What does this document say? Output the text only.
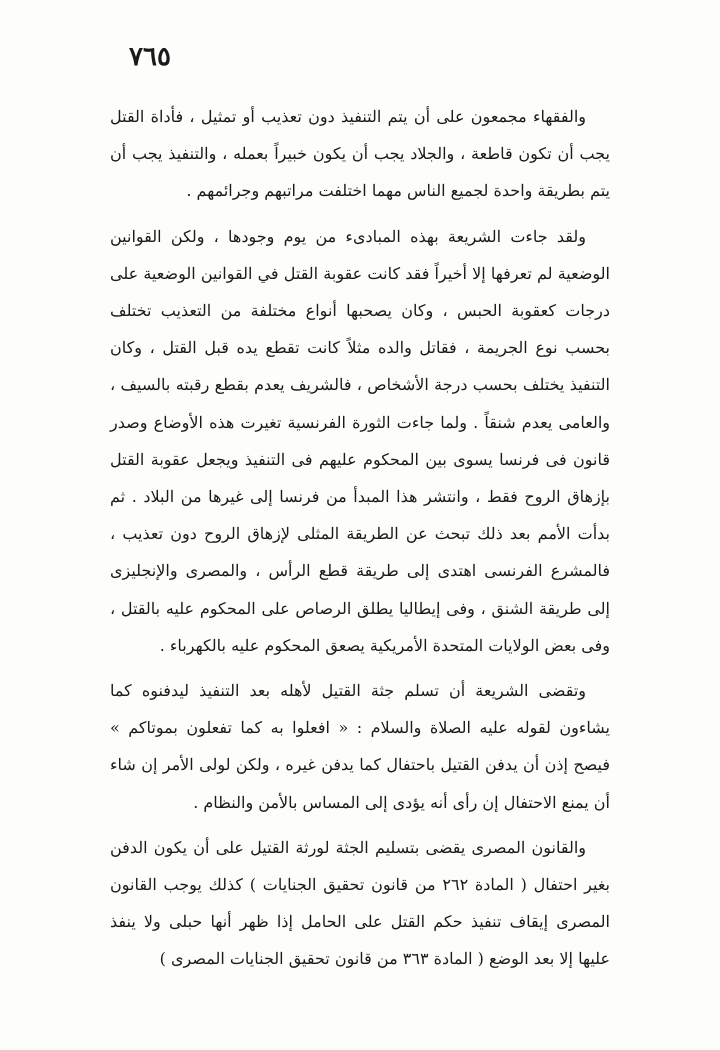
٧٦٥

والفقهاء مجمعون على أن يتم التنفيذ دون تعذيب أو تمثيل ، فأداة القتل يجب أن تكون قاطعة ، والجلاد يجب أن يكون خبيراً بعمله ، والتنفيذ يجب أن يتم بطريقة واحدة لجميع الناس مهما اختلفت مراتبهم وجرائمهم .

ولقد جاءت الشريعة بهذه المبادىء من يوم وجودها ، ولكن القوانين الوضعية لم تعرفها إلا أخيراً فقد كانت عقوبة القتل في القوانين الوضعية على درجات كعقوبة الحبس ، وكان يصحبها أنواع مختلفة من التعذيب تختلف بحسب نوع الجريمة ، فقاتل والده مثلاً كانت تقطع يده قبل القتل ، وكان التنفيذ يختلف بحسب درجة الأشخاص ، فالشريف يعدم بقطع رقبته بالسيف ، والعامى يعدم شنقاً . ولما جاءت الثورة الفرنسية تغيرت هذه الأوضاع وصدر قانون فى فرنسا يسوى بين المحكوم عليهم فى التنفيذ ويجعل عقوبة القتل بإزهاق الروح فقط ، وانتشر هذا المبدأ من فرنسا إلى غيرها من البلاد . ثم بدأت الأمم بعد ذلك تبحث عن الطريقة المثلى لإزهاق الروح دون تعذيب ، فالمشرع الفرنسى اهتدى إلى طريقة قطع الرأس ، والمصرى والإنجليزى إلى طريقة الشنق ، وفى إيطاليا يطلق الرصاص على المحكوم عليه بالقتل ، وفى بعض الولايات المتحدة الأمريكية يصعق المحكوم عليه بالكهرباء .

وتقضى الشريعة أن تسلم جثة القتيل لأهله بعد التنفيذ ليدفنوه كما يشاءون لقوله عليه الصلاة والسلام : « افعلوا به كما تفعلون بموتاكم » فيصح إذن أن يدفن القتيل باحتفال كما يدفن غيره ، ولكن لولى الأمر إن شاء أن يمنع الاحتفال إن رأى أنه يؤدى إلى المساس بالأمن والنظام .

والقانون المصرى يقضى بتسليم الجثة لورثة القتيل على أن يكون الدفن بغير احتفال ( المادة ٢٦٢ من قانون تحقيق الجنايات ) كذلك يوجب القانون المصرى إيقاف تنفيذ حكم القتل على الحامل إذا ظهر أنها حبلى ولا ينفذ عليها إلا بعد الوضع ( المادة ٣٦٣ من قانون تحقيق الجنايات المصرى )
